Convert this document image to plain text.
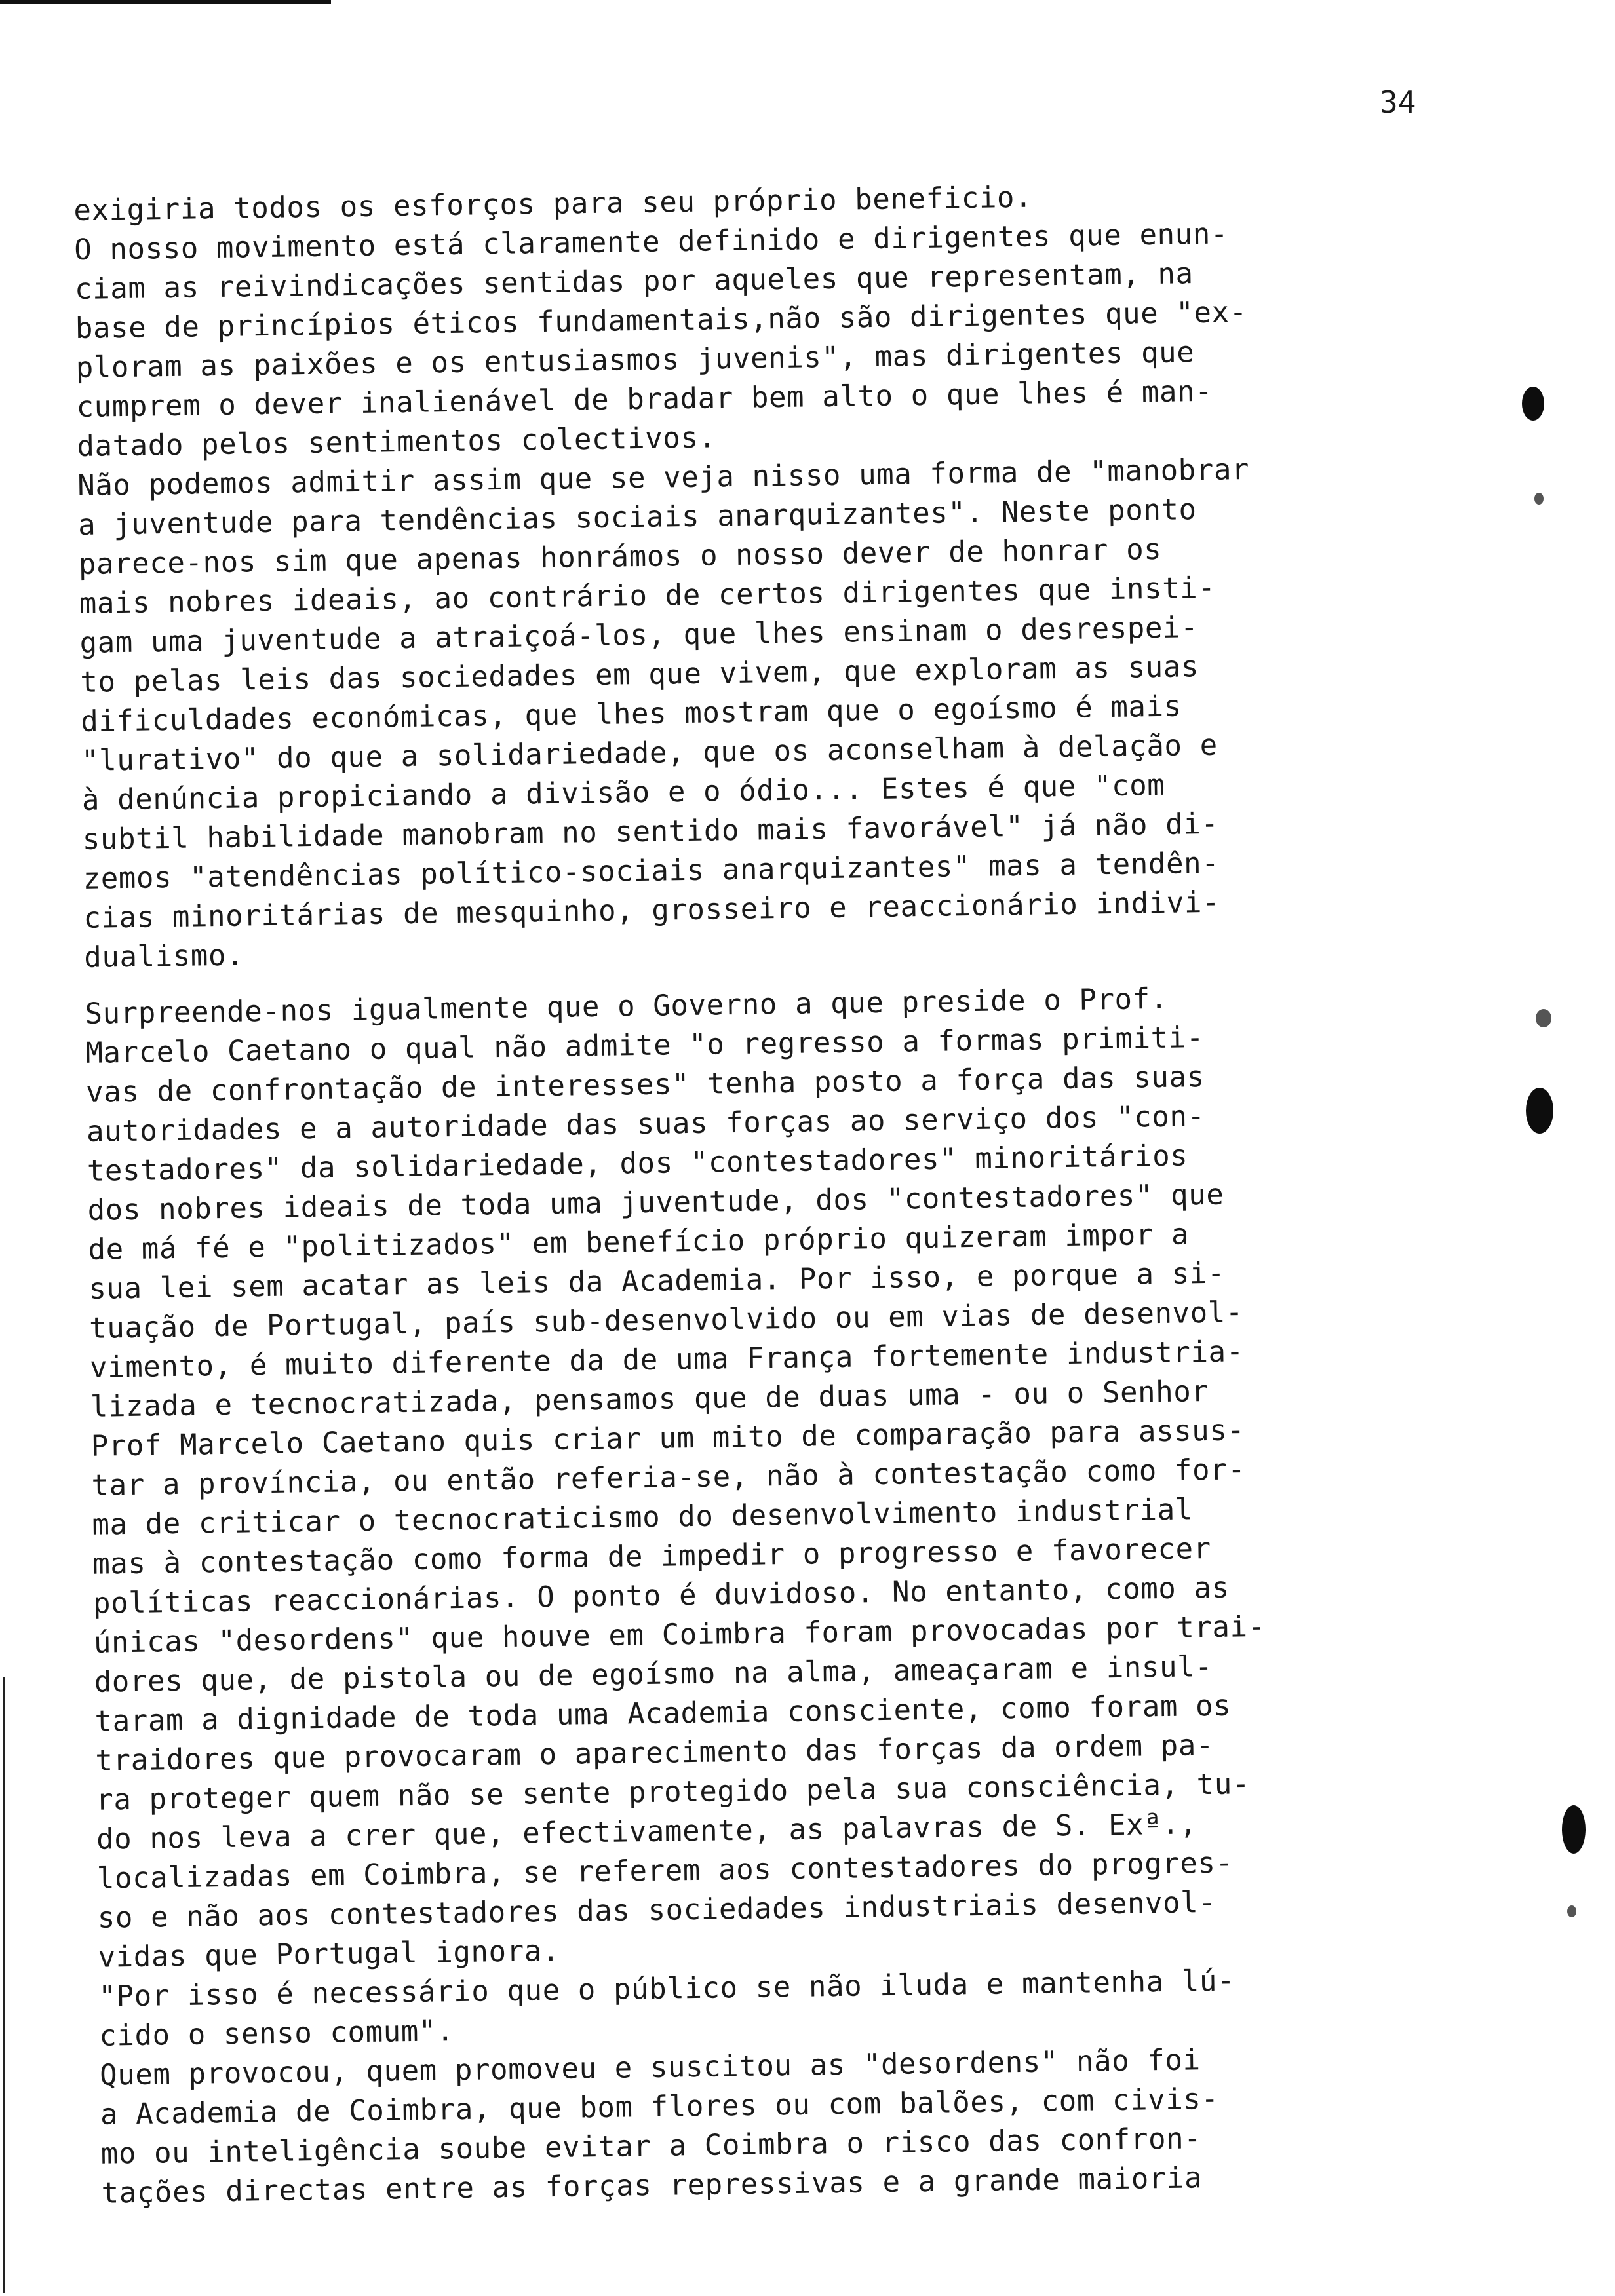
34

exigiria todos os esforços para seu próprio beneficio.

O nosso movimento está claramente definido e dirigentes que enun-

ciam as reivindicações sentidas por aqueles que representam, na

base de princípios éticos fundamentais,não são dirigentes que "ex-

ploram as paixões e os entusiasmos juvenis", mas dirigentes que

cumprem o dever inalienável de bradar bem alto o que lhes é man-

datado pelos sentimentos colectivos.

Não podemos admitir assim que se veja nisso uma forma de "manobrar

a juventude para tendências sociais anarquizantes". Neste ponto

parece-nos sim que apenas honrámos o nosso dever de honrar os

mais nobres ideais, ao contrário de certos dirigentes que insti-

gam uma juventude a atraiçoá-los, que lhes ensinam o desrespei-

to pelas leis das sociedades em que vivem, que exploram as suas

dificuldades económicas, que lhes mostram que o egoísmo é mais

"lurativo" do que a solidariedade, que os aconselham à delação e

à denúncia propiciando a divisão e o ódio... Estes é que "com

subtil habilidade manobram no sentido mais favorável" já não di-

zemos "atendências político-sociais anarquizantes" mas a tendên-

cias minoritárias de mesquinho, grosseiro e reaccionário indivi-

dualismo.

Surpreende-nos igualmente que o Governo a que preside o Prof.

Marcelo Caetano o qual não admite "o regresso a formas primiti-

vas de confrontação de interesses" tenha posto a força das suas

autoridades e a autoridade das suas forças ao serviço dos "con-

testadores" da solidariedade, dos "contestadores" minoritários

dos nobres ideais de toda uma juventude, dos "contestadores" que

de má fé e "politizados" em benefício próprio quizeram impor a

sua lei sem acatar as leis da Academia. Por isso, e porque a si-

tuação de Portugal, país sub-desenvolvido ou em vias de desenvol-

vimento, é muito diferente da de uma França fortemente industria-

lizada e tecnocratizada, pensamos que de duas uma - ou o Senhor

Prof Marcelo Caetano quis criar um mito de comparação para assus-

tar a província, ou então referia-se, não à contestação como for-

ma de criticar o tecnocraticismo do desenvolvimento industrial

mas à contestação como forma de impedir o progresso e favorecer

políticas reaccionárias. O ponto é duvidoso. No entanto, como as

únicas "desordens" que houve em Coimbra foram provocadas por trai-

dores que, de pistola ou de egoísmo na alma, ameaçaram e insul-

taram a dignidade de toda uma Academia consciente, como foram os

traidores que provocaram o aparecimento das forças da ordem pa-

ra proteger quem não se sente protegido pela sua consciência, tu-

do nos leva a crer que, efectivamente, as palavras de S. Exª.,

localizadas em Coimbra, se referem aos contestadores do progres-

so e não aos contestadores das sociedades industriais desenvol-

vidas que Portugal ignora.

"Por isso é necessário que o público se não iluda e mantenha lú-

cido o senso comum".

Quem provocou, quem promoveu e suscitou as "desordens" não foi

a Academia de Coimbra, que bom flores ou com balões, com civis-

mo ou inteligência soube evitar a Coimbra o risco das confron-

tações directas entre as forças repressivas e a grande maioria
